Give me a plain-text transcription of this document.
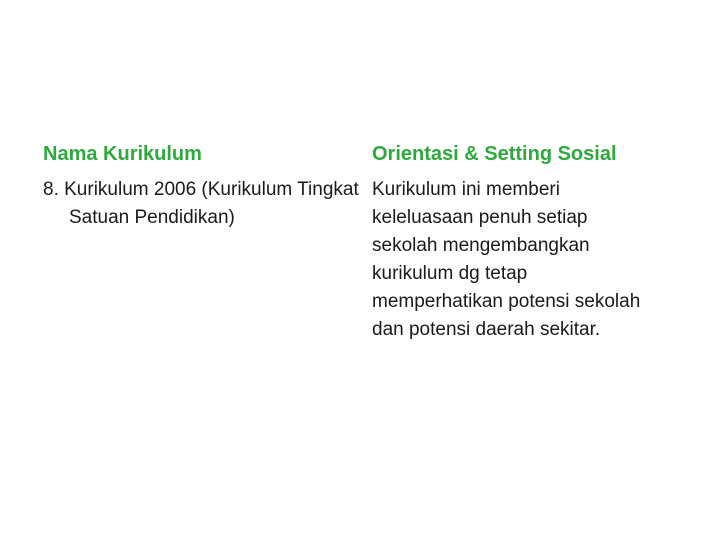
Nama Kurikulum

8. Kurikulum 2006 (Kurikulum Tingkat Satuan Pendidikan)

Orientasi & Setting Sosial

Kurikulum ini memberi keleluasaan penuh setiap sekolah mengembangkan kurikulum dg tetap memperhatikan potensi sekolah dan potensi daerah sekitar.
